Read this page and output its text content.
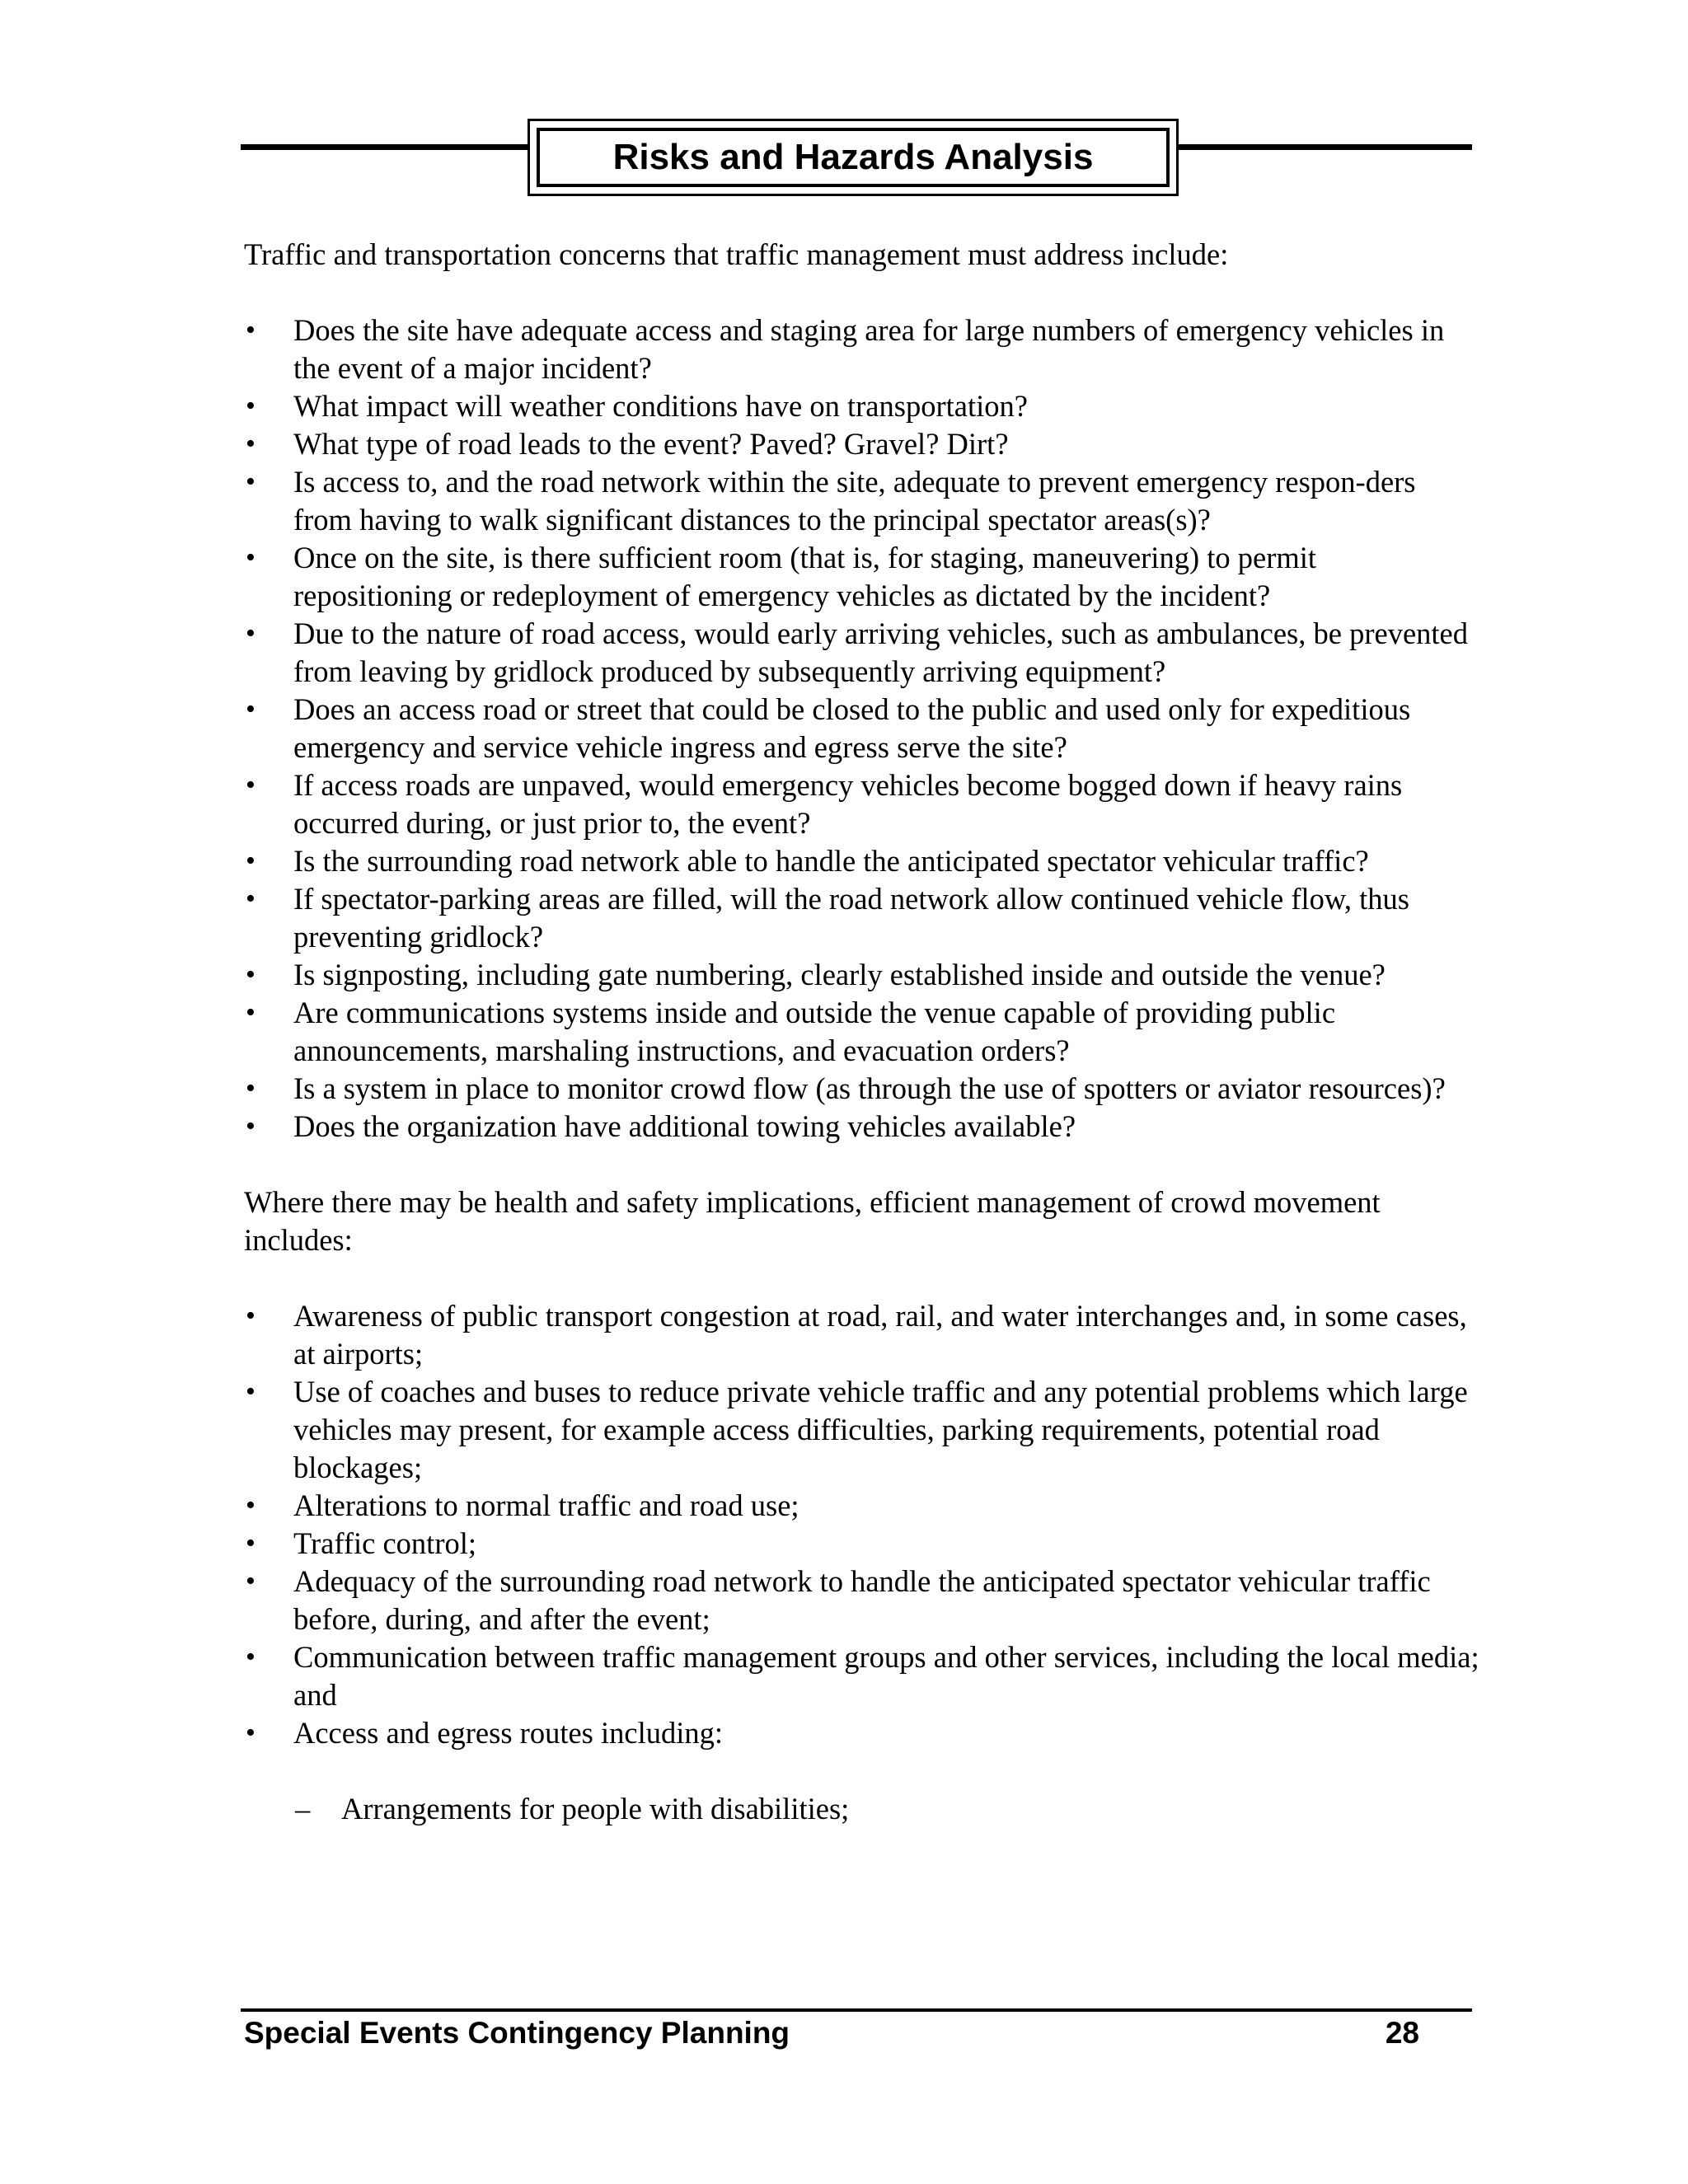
Risks and Hazards Analysis

Traffic and transportation concerns that traffic management must address include:

• Does the site have adequate access and staging area for large numbers of emergency vehicles in the event of a major incident?
• What impact will weather conditions have on transportation?
• What type of road leads to the event? Paved? Gravel? Dirt?
• Is access to, and the road network within the site, adequate to prevent emergency respon-ders from having to walk significant distances to the principal spectator areas(s)?
• Once on the site, is there sufficient room (that is, for staging, maneuvering) to permit repositioning or redeployment of emergency vehicles as dictated by the incident?
• Due to the nature of road access, would early arriving vehicles, such as ambulances, be prevented from leaving by gridlock produced by subsequently arriving equipment?
• Does an access road or street that could be closed to the public and used only for expeditious emergency and service vehicle ingress and egress serve the site?
• If access roads are unpaved, would emergency vehicles become bogged down if heavy rains occurred during, or just prior to, the event?
• Is the surrounding road network able to handle the anticipated spectator vehicular traffic?
• If spectator-parking areas are filled, will the road network allow continued vehicle flow, thus preventing gridlock?
• Is signposting, including gate numbering, clearly established inside and outside the venue?
• Are communications systems inside and outside the venue capable of providing public announcements, marshaling instructions, and evacuation orders?
• Is a system in place to monitor crowd flow (as through the use of spotters or aviator resources)?
• Does the organization have additional towing vehicles available?

Where there may be health and safety implications, efficient management of crowd movement includes:

• Awareness of public transport congestion at road, rail, and water interchanges and, in some cases, at airports;
• Use of coaches and buses to reduce private vehicle traffic and any potential problems which large vehicles may present, for example access difficulties, parking requirements, potential road blockages;
• Alterations to normal traffic and road use;
• Traffic control;
• Adequacy of the surrounding road network to handle the anticipated spectator vehicular traffic before, during, and after the event;
• Communication between traffic management groups and other services, including the local media; and
• Access and egress routes including:
– Arrangements for people with disabilities;
Special Events Contingency Planning	28
